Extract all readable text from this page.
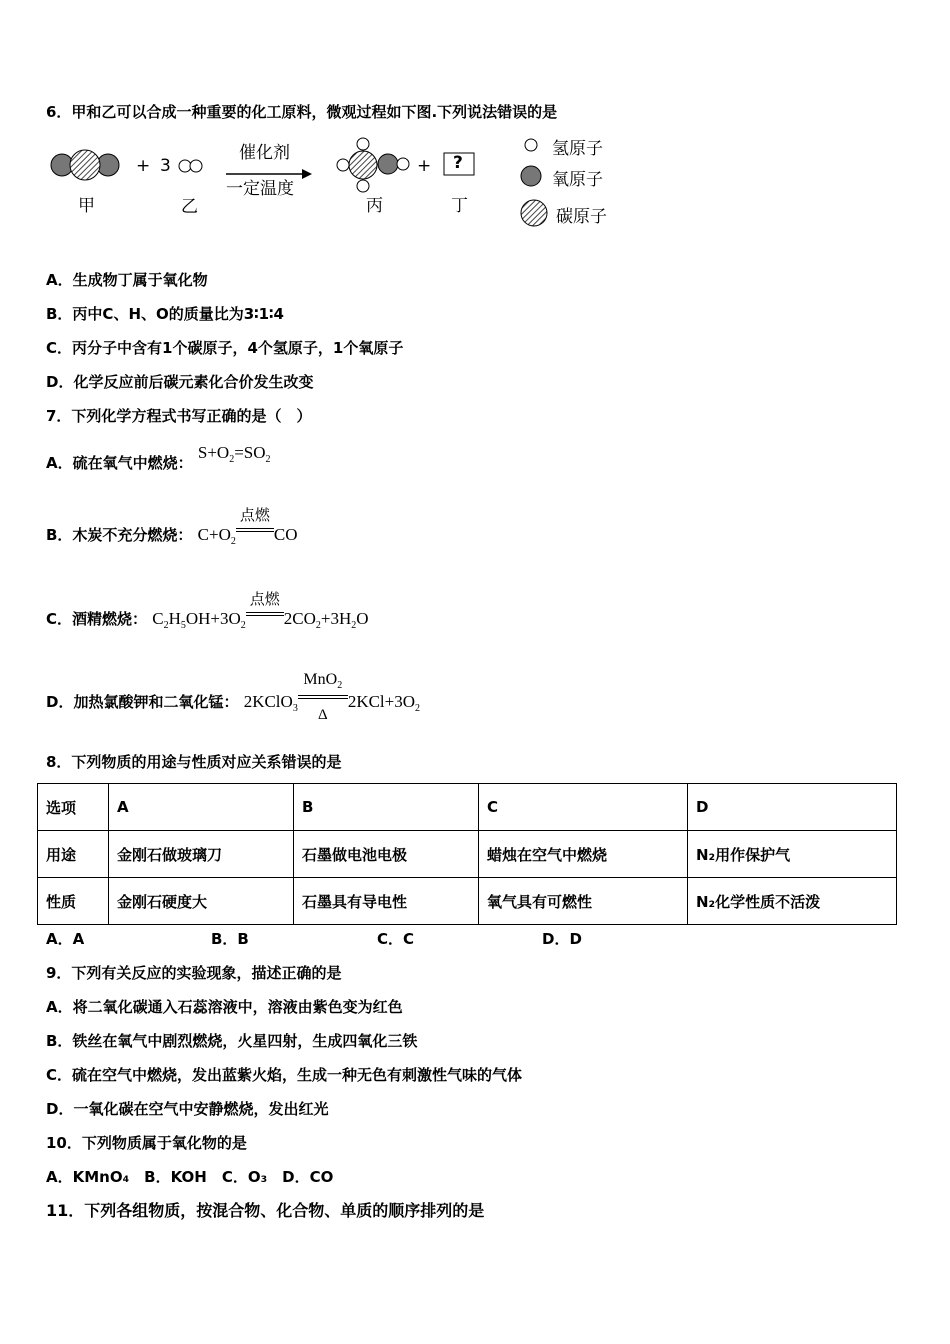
6．甲和乙可以合成一种重要的化工原料，微观过程如下图.下列说法错误的是
+ 3
催化剂
一定温度
+ ?
甲	乙	丙	丁
氢原子
氧原子
碳原子
A．生成物丁属于氧化物
B．丙中C、H、O的质量比为3∶1∶4
C．丙分子中含有1个碳原子，4个氢原子，1个氧原子
D．化学反应前后碳元素化合价发生改变
7．下列化学方程式书写正确的是（　）
A．硫在氧气中燃烧： $S+O_2=SO_2$
B．木炭不充分燃烧： $C+O_2$
点燃
CO
C．酒精燃烧： $C_2H_5OH+3O_2$
点燃
$2CO_2+3H_2O$
D．加热氯酸钾和二氧化锰： 2KClO$_3$
MnO$_2$
Δ
$2KCl+3O_2$
8．下列物质的用途与性质对应关系错误的是
选项	A	B	C	D
用途	金刚石做玻璃刀	石墨做电池电极	蜡烛在空气中燃烧	N₂用作保护气
性质	金刚石硬度大	石墨具有导电性	氧气具有可燃性	N₂化学性质不活泼
A．A	B．B	C．C	D．D
9．下列有关反应的实验现象，描述正确的是
A．将二氧化碳通入石蕊溶液中，溶液由紫色变为红色
B．铁丝在氧气中剧烈燃烧，火星四射，生成四氧化三铁
C．硫在空气中燃烧，发出蓝紫火焰，生成一种无色有刺激性气味的气体
D．一氧化碳在空气中安静燃烧，发出红光
10．下列物质属于氧化物的是
A．KMnO₄　B．KOH　C．O₃　D．CO
11．下列各组物质，按混合物、化合物、单质的顺序排列的是
